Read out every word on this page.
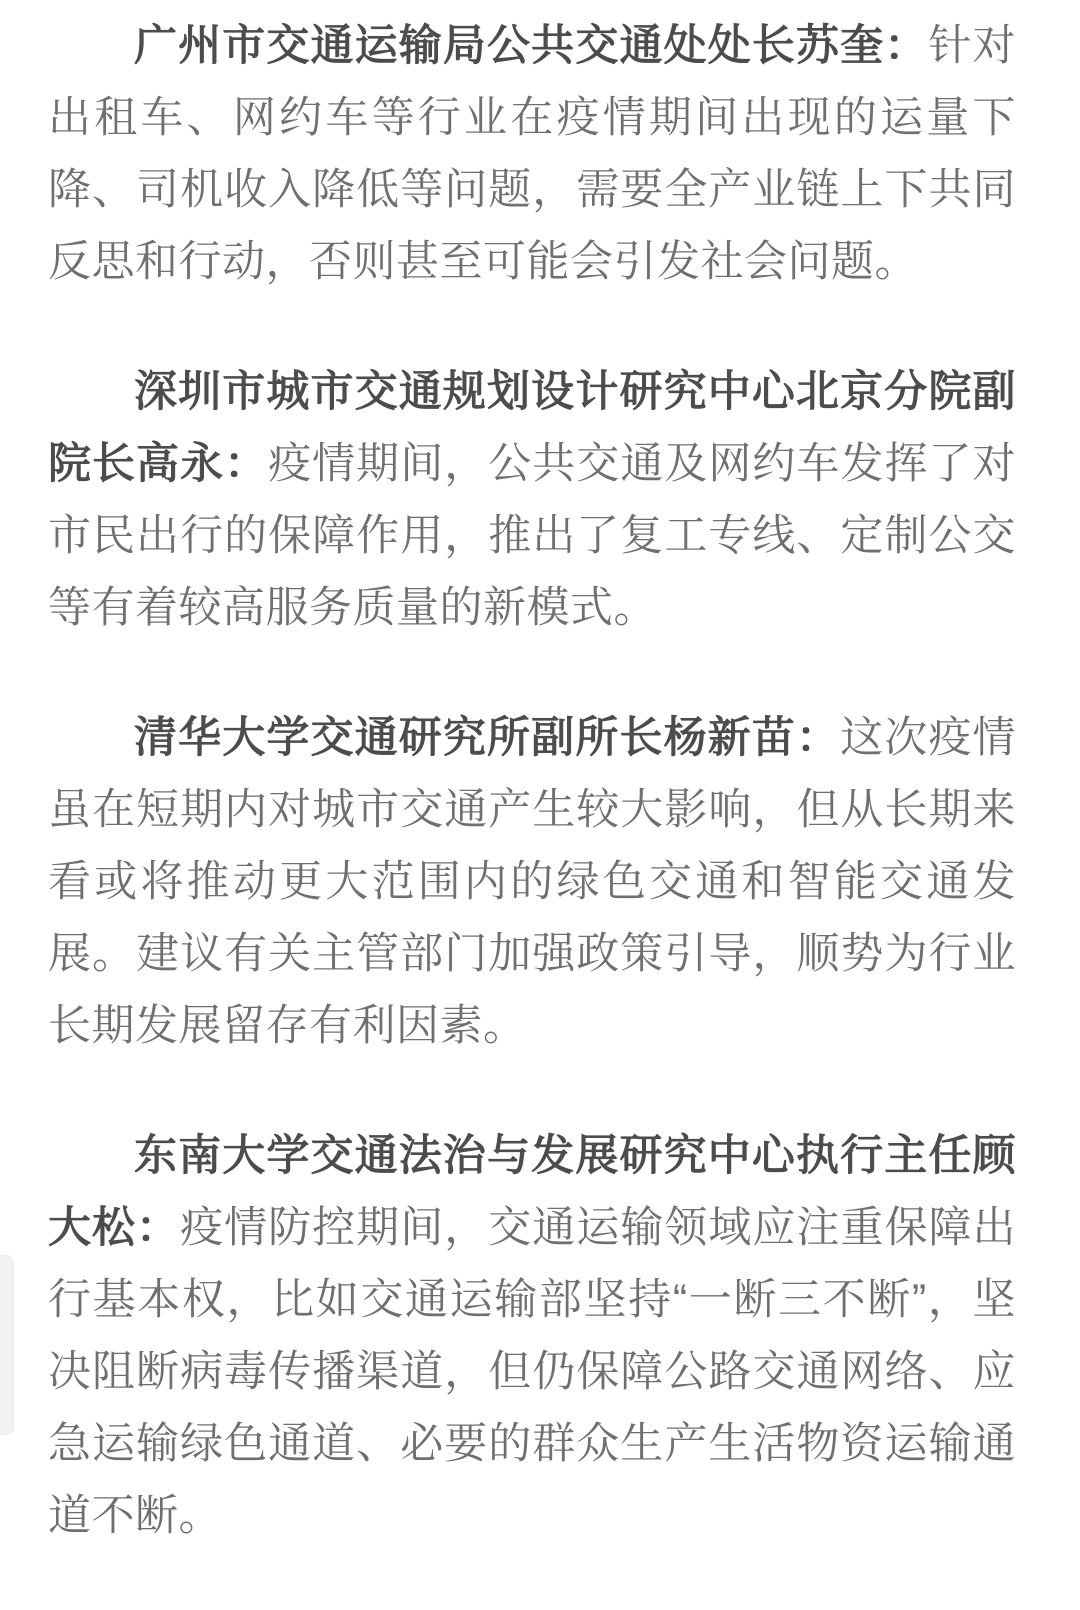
广州市交通运输局公共交通处处长苏奎：针对出租车、网约车等行业在疫情期间出现的运量下降、司机收入降低等问题，需要全产业链上下共同反思和行动，否则甚至可能会引发社会问题。

深圳市城市交通规划设计研究中心北京分院副院长高永：疫情期间，公共交通及网约车发挥了对市民出行的保障作用，推出了复工专线、定制公交等有着较高服务质量的新模式。

清华大学交通研究所副所长杨新苗：这次疫情虽在短期内对城市交通产生较大影响，但从长期来看或将推动更大范围内的绿色交通和智能交通发展。建议有关主管部门加强政策引导，顺势为行业长期发展留存有利因素。

东南大学交通法治与发展研究中心执行主任顾大松：疫情防控期间，交通运输领域应注重保障出行基本权，比如交通运输部坚持“一断三不断”，坚决阻断病毒传播渠道，但仍保障公路交通网络、应急运输绿色通道、必要的群众生产生活物资运输通道不断。
